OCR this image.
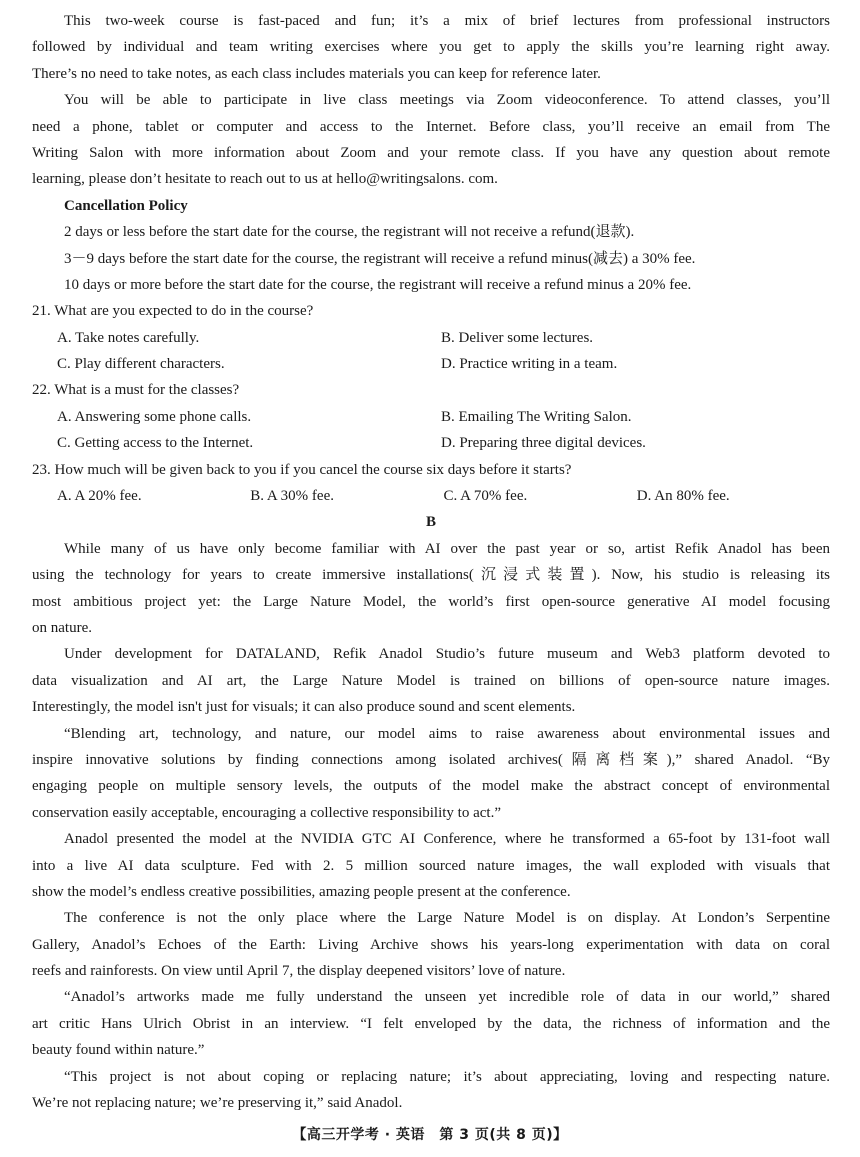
This two-week course is fast-paced and fun; it’s a mix of brief lectures from professional instructors
followed by individual and team writing exercises where you get to apply the skills you’re learning right away.
There’s no need to take notes, as each class includes materials you can keep for reference later.
You will be able to participate in live class meetings via Zoom videoconference. To attend classes, you’ll
need a phone, tablet or computer and access to the Internet. Before class, you’ll receive an email from The
Writing Salon with more information about Zoom and your remote class. If you have any question about remote
learning, please don’t hesitate to reach out to us at hello@writingsalons. com.
Cancellation Policy
2 days or less before the start date for the course, the registrant will not receive a refund(退款).
3－9 days before the start date for the course, the registrant will receive a refund minus(减去) a 30% fee.
10 days or more before the start date for the course, the registrant will receive a refund minus a 20% fee.
21. What are you expected to do in the course?
A. Take notes carefully.	B. Deliver some lectures.
C. Play different characters.	D. Practice writing in a team.
22. What is a must for the classes?
A. Answering some phone calls.	B. Emailing The Writing Salon.
C. Getting access to the Internet.	D. Preparing three digital devices.
23. How much will be given back to you if you cancel the course six days before it starts?
A. A 20% fee.	B. A 30% fee.	C. A 70% fee.	D. An 80% fee.
B
While many of us have only become familiar with AI over the past year or so, artist Refik Anadol has been
using the technology for years to create immersive installations(沉浸式装置). Now, his studio is releasing its
most ambitious project yet: the Large Nature Model, the world’s first open-source generative AI model focusing
on nature.
Under development for DATALAND, Refik Anadol Studio’s future museum and Web3 platform devoted to
data visualization and AI art, the Large Nature Model is trained on billions of open-source nature images.
Interestingly, the model isn't just for visuals; it can also produce sound and scent elements.
“Blending art, technology, and nature, our model aims to raise awareness about environmental issues and
inspire innovative solutions by finding connections among isolated archives(隔离档案),” shared Anadol. “By
engaging people on multiple sensory levels, the outputs of the model make the abstract concept of environmental
conservation easily acceptable, encouraging a collective responsibility to act.”
Anadol presented the model at the NVIDIA GTC AI Conference, where he transformed a 65-foot by 131-foot wall
into a live AI data sculpture. Fed with 2. 5 million sourced nature images, the wall exploded with visuals that
show the model’s endless creative possibilities, amazing people present at the conference.
The conference is not the only place where the Large Nature Model is on display. At London’s Serpentine
Gallery, Anadol’s Echoes of the Earth: Living Archive shows his years-long experimentation with data on coral
reefs and rainforests. On view until April 7, the display deepened visitors’ love of nature.
“Anadol’s artworks made me fully understand the unseen yet incredible role of data in our world,” shared
art critic Hans Ulrich Obrist in an interview. “I felt enveloped by the data, the richness of information and the
beauty found within nature.”
“This project is not about coping or replacing nature; it’s about appreciating, loving and respecting nature.
We’re not replacing nature; we’re preserving it,” said Anadol.
【高三开学考 · 英语　第 3 页(共 8 页)】
